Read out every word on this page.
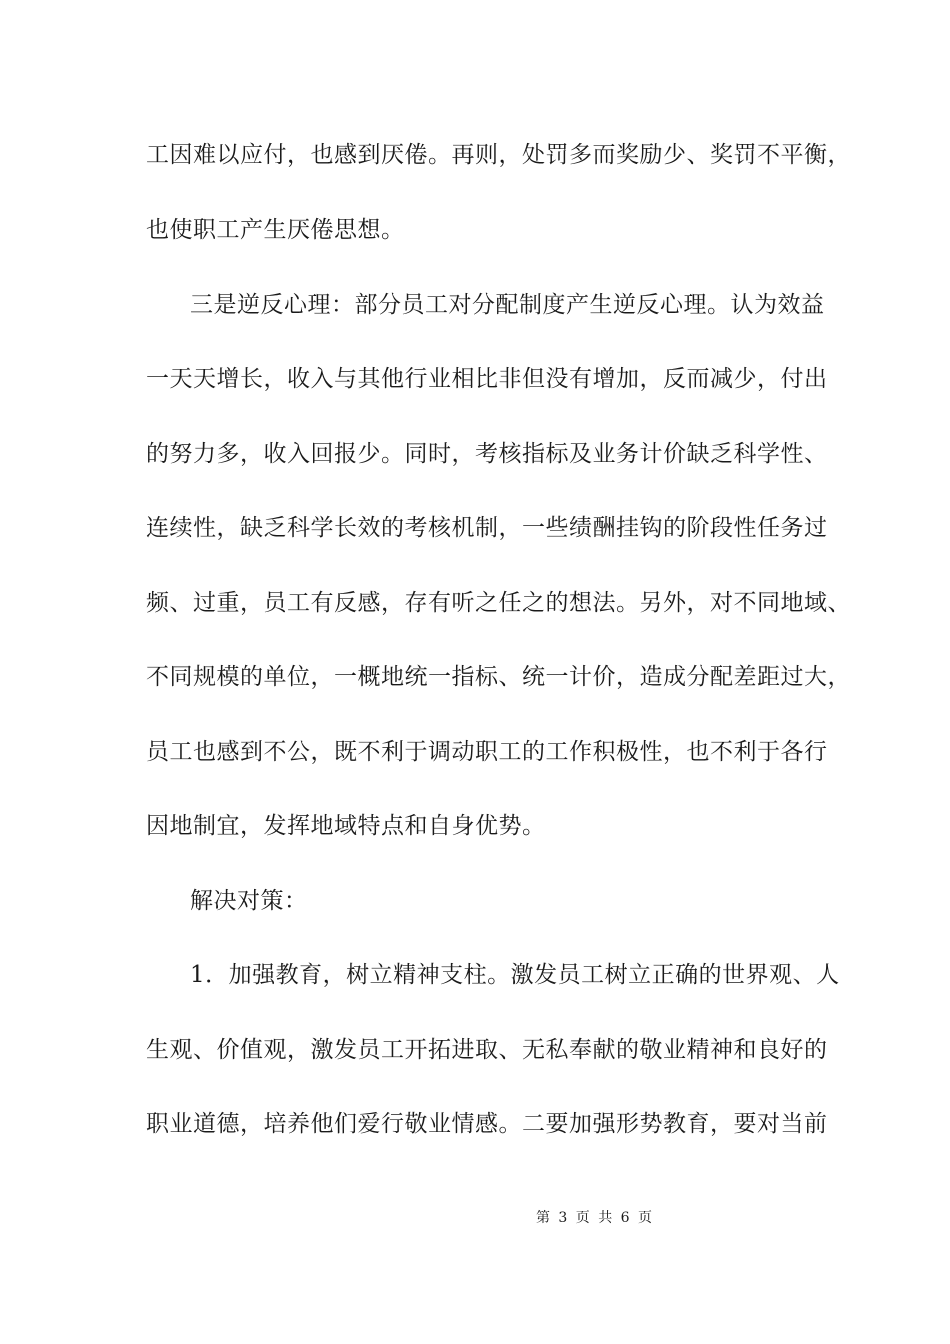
工因难以应付，也感到厌倦。再则，处罚多而奖励少、奖罚不平衡，
也使职工产生厌倦思想。
三是逆反心理：部分员工对分配制度产生逆反心理。认为效益
一天天增长，收入与其他行业相比非但没有增加，反而减少，付出
的努力多，收入回报少。同时，考核指标及业务计价缺乏科学性、
连续性，缺乏科学长效的考核机制，一些绩酬挂钩的阶段性任务过
频、过重，员工有反感，存有听之任之的想法。另外，对不同地域、
不同规模的单位，一概地统一指标、统一计价，造成分配差距过大，
员工也感到不公，既不利于调动职工的工作积极性，也不利于各行
因地制宜，发挥地域特点和自身优势。
解决对策：
1．加强教育，树立精神支柱。激发员工树立正确的世界观、人
生观、价值观，激发员工开拓进取、无私奉献的敬业精神和良好的
职业道德，培养他们爱行敬业情感。二要加强形势教育，要对当前
第 3 页 共 6 页
